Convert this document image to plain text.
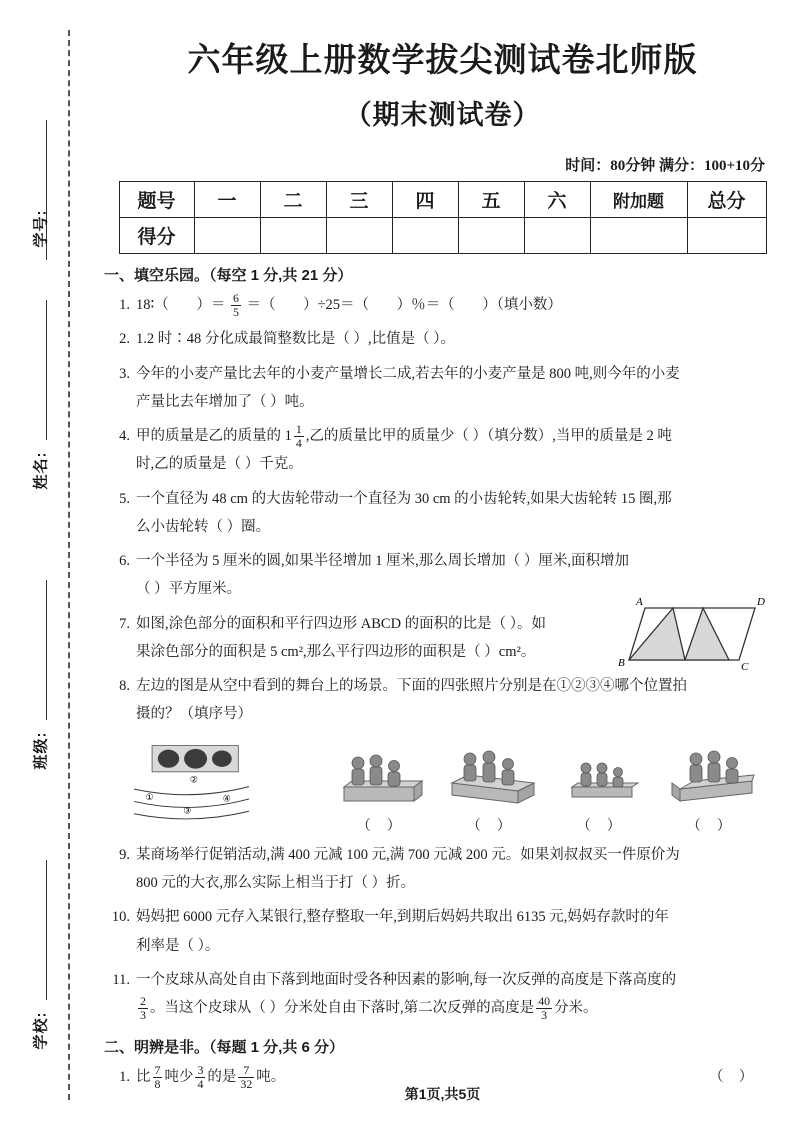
学号:
姓名:
班级:
学校:
六年级上册数学拔尖测试卷北师版
（期末测试卷）
时间：80分钟 满分：100+10分
题号	一	二	三	四	五	六	附加题	总分
得分								
一、填空乐园。（每空 1 分,共 21 分）
1. 18∶（ ）＝ $\frac{6}{5}$ ＝（ ）÷25＝（ ）％＝（ ）（填小数）

2. 1.2 时∶48 分化成最简整数比是（ ）,比值是（ ）。

3. 今年的小麦产量比去年的小麦产量增长二成,若去年的小麦产量是 800 吨,则今年的小麦

产量比去年增加了（ ）吨。

4. 甲的质量是乙的质量的 $1 \frac{1}{4}$ ,乙的质量比甲的质量少（ ）（填分数）,当甲的质量是 2 吨

时,乙的质量是（ ）千克。

5. 一个直径为 48 cm 的大齿轮带动一个直径为 30 cm 的小齿轮转,如果大齿轮转 15 圈,那

么小齿轮转（ ）圈。

6. 一个半径为 5 厘米的圆,如果半径增加 1 厘米,那么周长增加（ ）厘米,面积增加

（ ）平方厘米。

7. 如图,涂色部分的面积和平行四边形 ABCD 的面积的比是（ ）。如

果涂色部分的面积是 5 cm²,那么平行四边形的面积是（ ）cm²。

A	D
B	C
8. 左边的图是从空中看到的舞台上的场景。下面的四张照片分别是在①②③④哪个位置拍

摄的？（填序号）

②
①	④
③
（ ）	（ ）	（ ）	（ ）
9. 某商场举行促销活动,满 400 元减 100 元,满 700 元减 200 元。如果刘叔叔买一件原价为

800 元的大衣,那么实际上相当于打（ ）折。

10. 妈妈把 6000 元存入某银行,整存整取一年,到期后妈妈共取出 6135 元,妈妈存款时的年

利率是（ ）。

11. 一个皮球从高处自由下落到地面时受各种因素的影响,每一次反弹的高度是下落高度的

$\frac{2}{3}$ 。当这个皮球从（ ）分米处自由下落时,第二次反弹的高度是 $\frac{40}{3}$ 分米。

二、明辨是非。（每题 1 分,共 6 分）
1. 比 $\frac{7}{8}$ 吨少 $\frac{3}{4}$ 的是 $\frac{7}{32}$ 吨。	（ ）
第1页,共5页
